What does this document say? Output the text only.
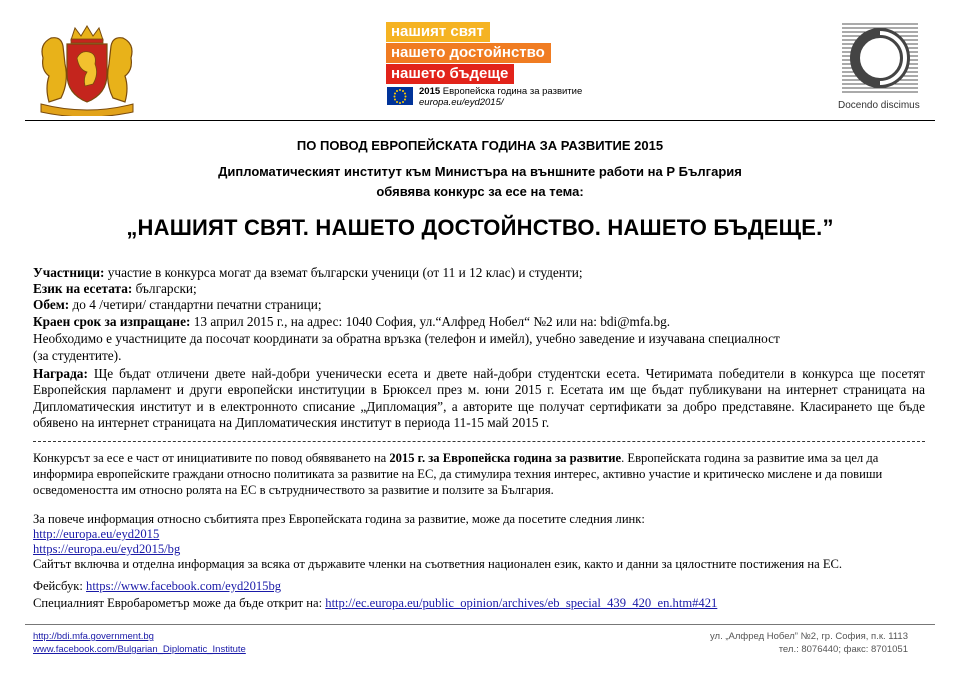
нашият свят
нашето достойнство
нашето бъдеще
2015 Европейска година за развитие
europa.eu/eyd2015/	Docendo discimus
ПО ПОВОД ЕВРОПЕЙСКАТА ГОДИНА ЗА РАЗВИТИЕ 2015
Дипломатическият институт към Министъра на външните работи на Р България
обявява конкурс за есе на тема:
„НАШИЯТ СВЯТ. НАШЕТО ДОСТОЙНСТВО. НАШЕТО БЪДЕЩЕ.”
Участници: участие в конкурса могат да вземат български ученици (от 11 и 12 клас) и студенти;
Език на есетата: български;
Обем: до 4 /четири/ стандартни печатни страници;
Краен срок за изпращане: 13 април 2015 г., на адрес: 1040 София, ул.“Алфред Нобел“ №2 или на: bdi@mfa.bg.
Необходимо е участниците да посочат координати за обратна връзка (телефон и имейл), учебно заведение и изучавана специалност
(за студентите).
Награда: Ще бъдат отличени двете най-добри ученически есета и двете най-добри студентски есета. Четиримата победители в конкурса ще посетят Европейския парламент и други европейски институции в Брюксел през м. юни 2015 г. Есетата им ще бъдат публикувани на интернет страницата на Дипломатическия институт и в електронното списание „Дипломация”, а авторите ще получат сертификати за добро представяне. Класирането ще бъде обявено на интернет страницата на Дипломатическия институт в периода 11-15 май 2015 г.
Конкурсът за есе е част от инициативите по повод обявяването на 2015 г. за Европейска година за развитие. Европейската година за развитие има за цел да информира европейските граждани относно политиката за развитие на ЕС, да стимулира техния интерес, активно участие и критическо мислене и да повиши осведомеността им относно ролята на ЕС в сътрудничеството за развитие и ползите за България.
За повече информация относно събитията през Европейската година за развитие, може да посетите следния линк:
http://europa.eu/eyd2015
https://europa.eu/eyd2015/bg
Сайтът включва и отделна информация за всяка от държавите членки на съответния национален език, както и данни за цялостните постижения на ЕС.
Фейсбук: https://www.facebook.com/eyd2015bg
Специалният Евробарометър може да бъде открит на: http://ec.europa.eu/public_opinion/archives/eb_special_439_420_en.htm#421
http://bdi.mfa.government.bg
www.facebook.com/Bulgarian_Diplomatic_Institute
ул. „Алфред Нобел” №2, гр. София, п.к. 1113
тел.: 8076440; факс: 8701051
